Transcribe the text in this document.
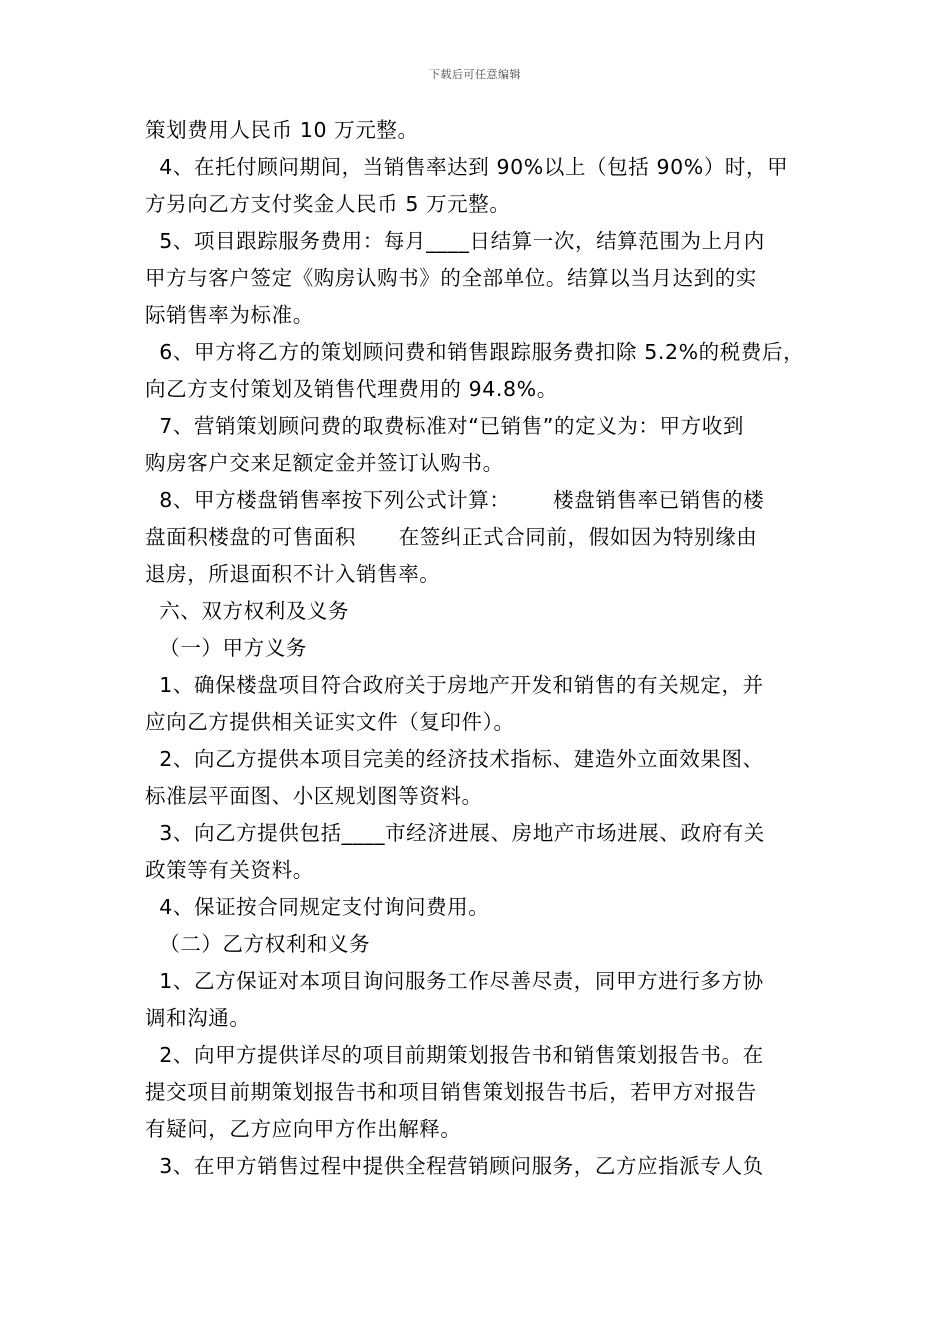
下载后可任意编辑
策划费用人民币 10 万元整。
4、在托付顾问期间，当销售率达到 90%以上（包括 90%）时，甲
方另向乙方支付奖金人民币 5 万元整。
5、项目跟踪服务费用：每月____日结算一次，结算范围为上月内
甲方与客户签定《购房认购书》的全部单位。结算以当月达到的实
际销售率为标准。
6、甲方将乙方的策划顾问费和销售跟踪服务费扣除 5.2%的税费后，
向乙方支付策划及销售代理费用的 94.8%。
7、营销策划顾问费的取费标准对“已销售”的定义为：甲方收到
购房客户交来足额定金并签订认购书。
8、甲方楼盘销售率按下列公式计算：      楼盘销售率已销售的楼
盘面积楼盘的可售面积      在签纠正式合同前，假如因为特别缘由
退房，所退面积不计入销售率。
六、双方权利及义务
（一）甲方义务
1、确保楼盘项目符合政府关于房地产开发和销售的有关规定，并
应向乙方提供相关证实文件（复印件）。
2、向乙方提供本项目完美的经济技术指标、建造外立面效果图、
标准层平面图、小区规划图等资料。
3、向乙方提供包括____市经济进展、房地产市场进展、政府有关
政策等有关资料。
4、保证按合同规定支付询问费用。
（二）乙方权利和义务
1、乙方保证对本项目询问服务工作尽善尽责，同甲方进行多方协
调和沟通。
2、向甲方提供详尽的项目前期策划报告书和销售策划报告书。在
提交项目前期策划报告书和项目销售策划报告书后，若甲方对报告
有疑问，乙方应向甲方作出解释。
3、在甲方销售过程中提供全程营销顾问服务，乙方应指派专人负
